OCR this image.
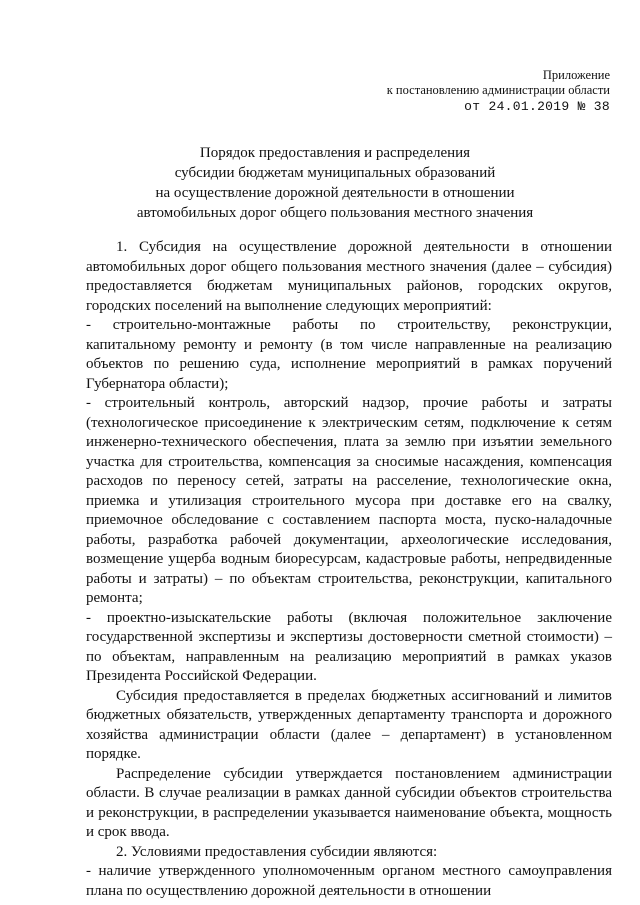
Приложение
к постановлению администрации области
от 24.01.2019 № 38
Порядок предоставления и распределения
субсидии бюджетам муниципальных образований
на осуществление дорожной деятельности в отношении
автомобильных дорог общего пользования местного значения

1. Субсидия на осуществление дорожной деятельности в отношении автомобильных дорог общего пользования местного значения (далее – субсидия) предоставляется бюджетам муниципальных районов, городских округов, городских поселений на выполнение следующих мероприятий:

- строительно-монтажные работы по строительству, реконструкции, капитальному ремонту и ремонту (в том числе направленные на реализацию объектов по решению суда, исполнение мероприятий в рамках поручений Губернатора области);

- строительный контроль, авторский надзор, прочие работы и затраты (технологическое присоединение к электрическим сетям, подключение к сетям инженерно-технического обеспечения, плата за землю при изъятии земельного участка для строительства, компенсация за сносимые насаждения, компенсация расходов по переносу сетей, затраты на расселение, технологические окна, приемка и утилизация строительного мусора при доставке его на свалку, приемочное обследование с составлением паспорта моста, пуско-наладочные работы, разработка рабочей документации, археологические исследования, возмещение ущерба водным биоресурсам, кадастровые работы, непредвиденные работы и затраты) – по объектам строительства, реконструкции, капитального ремонта;

- проектно-изыскательские работы (включая положительное заключение государственной экспертизы и экспертизы достоверности сметной стоимости) – по объектам, направленным на реализацию мероприятий в рамках указов Президента Российской Федерации.

Субсидия предоставляется в пределах бюджетных ассигнований и лимитов бюджетных обязательств, утвержденных департаменту транспорта и дорожного хозяйства администрации области (далее – департамент) в установленном порядке.

Распределение субсидии утверждается постановлением администрации области. В случае реализации в рамках данной субсидии объектов строительства и реконструкции, в распределении указывается наименование объекта, мощность и срок ввода.

2. Условиями предоставления субсидии являются:

- наличие утвержденного уполномоченным органом местного самоуправления плана по осуществлению дорожной деятельности в отношении
